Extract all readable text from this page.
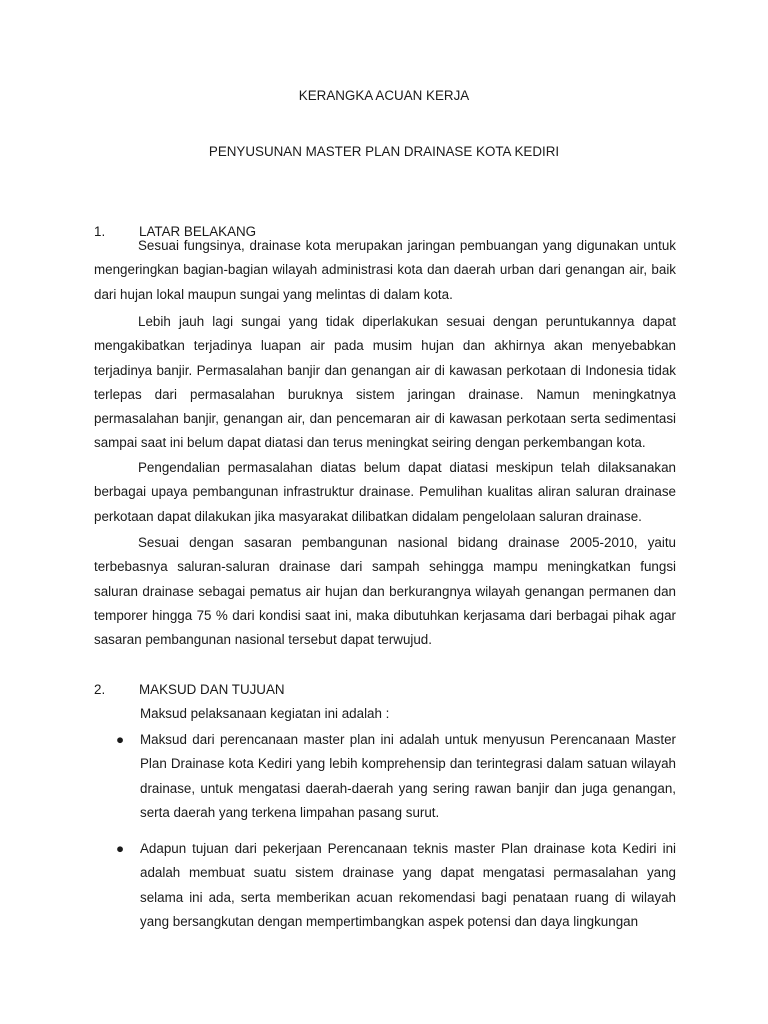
KERANGKA ACUAN KERJA

PENYUSUNAN MASTER PLAN DRAINASE KOTA KEDIRI

1.	LATAR BELAKANG

Sesuai fungsinya, drainase kota merupakan jaringan pembuangan yang digunakan untuk mengeringkan bagian-bagian wilayah administrasi kota dan daerah urban dari genangan air, baik dari hujan lokal maupun sungai yang melintas di dalam kota.

Lebih jauh lagi sungai yang tidak diperlakukan sesuai dengan peruntukannya dapat mengakibatkan terjadinya luapan air pada musim hujan dan akhirnya akan menyebabkan terjadinya banjir. Permasalahan banjir dan genangan air di kawasan perkotaan di Indonesia tidak terlepas dari permasalahan buruknya sistem jaringan drainase. Namun meningkatnya permasalahan banjir, genangan air, dan pencemaran air di kawasan perkotaan serta sedimentasi sampai saat ini belum dapat diatasi dan terus meningkat seiring dengan perkembangan kota.

Pengendalian permasalahan diatas belum dapat diatasi meskipun telah dilaksanakan berbagai upaya pembangunan infrastruktur drainase. Pemulihan kualitas aliran saluran drainase perkotaan dapat dilakukan jika masyarakat dilibatkan didalam pengelolaan saluran drainase.

Sesuai dengan sasaran pembangunan nasional bidang drainase 2005-2010, yaitu terbebasnya saluran-saluran drainase dari sampah sehingga mampu meningkatkan fungsi saluran drainase sebagai pematus air hujan dan berkurangnya wilayah genangan permanen dan temporer hingga 75 % dari kondisi saat ini, maka dibutuhkan kerjasama dari berbagai pihak agar sasaran pembangunan nasional tersebut dapat terwujud.

2.	MAKSUD DAN TUJUAN

Maksud pelaksanaan kegiatan ini adalah :

● Maksud dari perencanaan master plan ini adalah untuk menyusun Perencanaan Master Plan Drainase kota Kediri yang lebih komprehensip dan terintegrasi dalam satuan wilayah drainase, untuk mengatasi daerah-daerah yang sering rawan banjir dan juga genangan, serta daerah yang terkena limpahan pasang surut.
● Adapun tujuan dari pekerjaan Perencanaan teknis master Plan drainase kota Kediri ini adalah membuat suatu sistem drainase yang dapat mengatasi permasalahan yang selama ini ada, serta memberikan acuan rekomendasi bagi penataan ruang di wilayah yang bersangkutan dengan mempertimbangkan aspek potensi dan daya lingkungan
